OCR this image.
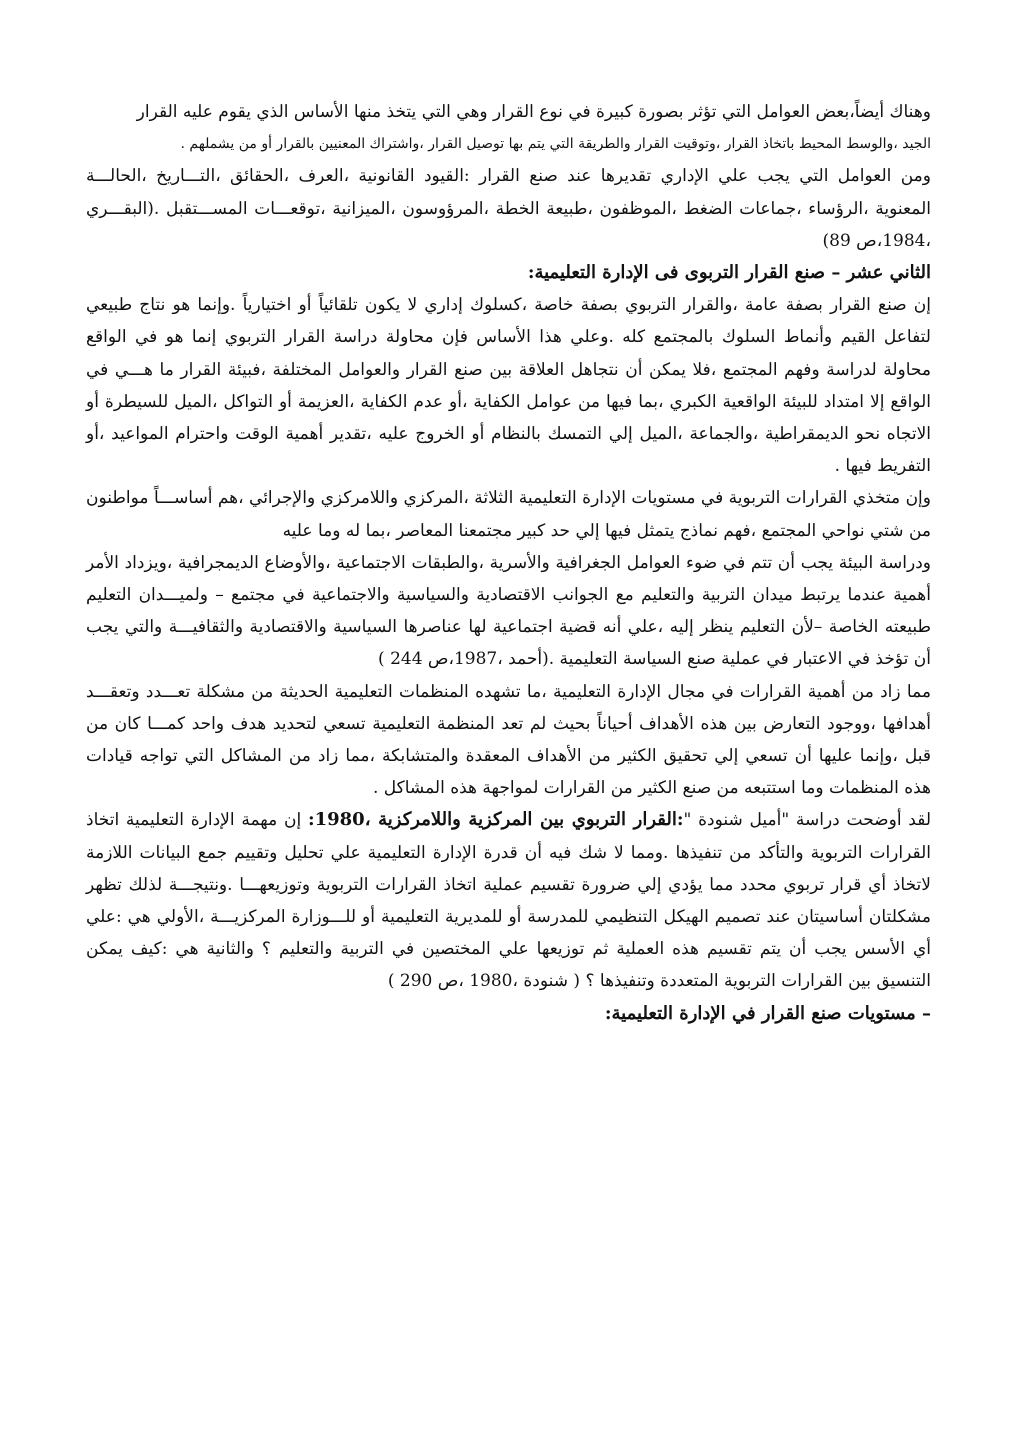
وهناك أيضاً،بعض العوامل التي تؤثر بصورة كبيرة في نوع القرار وهي التي يتخذ منها الأساس الذي يقوم عليه القرار

الجيد ،والوسط المحيط باتخاذ القرار ،وتوقيت القرار والطريقة التي يتم بها توصيل القرار ،واشتراك المعنيين بالقرار أو من يشملهم .

ومن العوامل التي يجب علي الإداري تقديرها عند صنع القرار :القيود القانونية ،العرف ،الحقائق ،التـــاريخ ،الحالـــة المعنوية ،الرؤساء ،جماعات الضغط ،الموظفون ،طبيعة الخطة ،المرؤوسون ،الميزانية ،توقعـــات المســـتقبل .(البقـــري ،1984،ص 89)

الثاني عشر – صنع القرار التربوى فى الإدارة التعليمية:

إن صنع القرار بصفة عامة ،والقرار التربوي بصفة خاصة ،كسلوك إداري لا يكون تلقائياً أو اختيارياً .وإنما هو نتاج طبيعي لتفاعل القيم وأنماط السلوك بالمجتمع كله .وعلي هذا الأساس فإن محاولة دراسة القرار التربوي إنما هو في الواقع محاولة لدراسة وفهم المجتمع ،فلا يمكن أن نتجاهل العلاقة بين صنع القرار والعوامل المختلفة ،فبيئة القرار ما هـــي في الواقع إلا امتداد للبيئة الواقعية الكبري ،بما فيها من عوامل الكفاية ،أو عدم الكفاية ،العزيمة أو التواكل ،الميل للسيطرة أو الاتجاه نحو الديمقراطية ،والجماعة ،الميل إلي التمسك بالنظام أو الخروج عليه ،تقدير أهمية الوقت واحترام المواعيد ،أو التفريط فيها .

وإن متخذي القرارات التربوية في مستويات الإدارة التعليمية الثلاثة ،المركزي واللامركزي والإجرائي ،هم أساســـاً مواطنون من شتي نواحي المجتمع ،فهم نماذج يتمثل فيها إلي حد كبير مجتمعنا المعاصر ،بما له وما عليه

ودراسة البيئة يجب أن تتم في ضوء العوامل الجغرافية والأسرية ،والطبقات الاجتماعية ،والأوضاع الديمجرافية ،ويزداد الأمر أهمية عندما يرتبط ميدان التربية والتعليم مع الجوانب الاقتصادية والسياسية والاجتماعية في مجتمع – ولميـــدان التعليم طبيعته الخاصة –لأن التعليم ينظر إليه ،علي أنه قضية اجتماعية لها عناصرها السياسية والاقتصادية والثقافيـــة والتي يجب أن تؤخذ في الاعتبار في عملية صنع السياسة التعليمية .(أحمد ،1987،ص 244 )

مما زاد من أهمية القرارات في مجال الإدارة التعليمية ،ما تشهده المنظمات التعليمية الحديثة من مشكلة تعـــدد وتعقـــد أهدافها ،ووجود التعارض بين هذه الأهداف أحياناً بحيث لم تعد المنظمة التعليمية تسعي لتحديد هدف واحد كمـــا كان من قبل ،وإنما عليها أن تسعي إلي تحقيق الكثير من الأهداف المعقدة والمتشابكة ،مما زاد من المشاكل التي تواجه قيادات هذه المنظمات وما استتبعه من صنع الكثير من القرارات لمواجهة هذه المشاكل .

لقد أوضحت دراسة "أميل شنودة ":القرار التربوي بين المركزية واللامركزية ،1980: إن مهمة الإدارة التعليمية اتخاذ القرارات التربوية والتأكد من تنفيذها .ومما لا شك فيه أن قدرة الإدارة التعليمية علي تحليل وتقييم جمع البيانات اللازمة لاتخاذ أي قرار تربوي محدد مما يؤدي إلي ضرورة تقسيم عملية اتخاذ القرارات التربوية وتوزيعهـــا .ونتيجـــة لذلك تظهر مشكلتان أساسيتان عند تصميم الهيكل التنظيمي للمدرسة أو للمديرية التعليمية أو للـــوزارة المركزيـــة ،الأولي هي :علي أي الأسس يجب أن يتم تقسيم هذه العملية ثم توزيعها علي المختصين في التربية والتعليم ؟ والثانية هي :كيف يمكن التنسيق بين القرارات التربوية المتعددة وتنفيذها ؟ ( شنودة ،1980 ،ص 290 )

– مستويات صنع القرار في الإدارة التعليمية:
